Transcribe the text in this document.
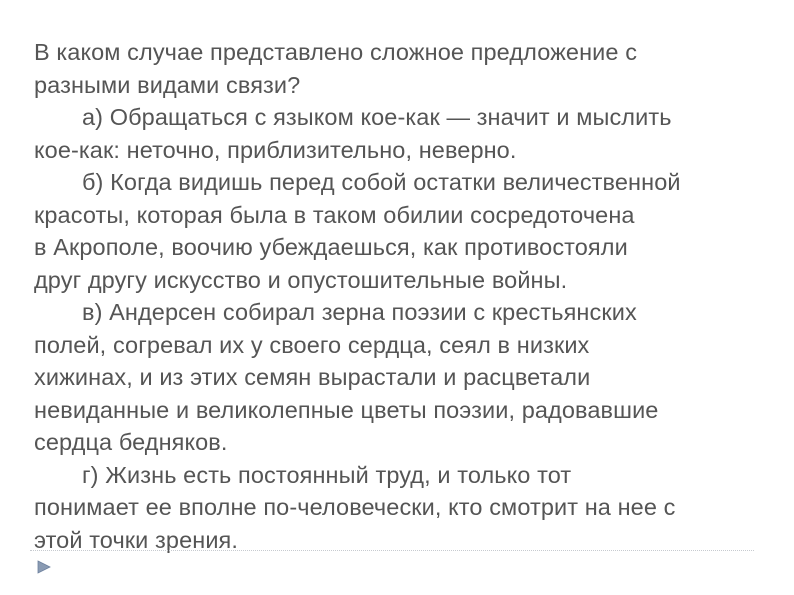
В каком случае представлено сложное предложение с
разными видами связи?
а) Обращаться с языком кое-как — значит и мыслить
кое-как: неточно, приблизительно, неверно.
б) Когда видишь перед собой остатки величественной
красоты, которая была в таком обилии сосредоточена
в Акрополе, воочию убеждаешься, как противостояли
друг другу искусство и опустошительные войны.
в) Андерсен собирал зерна поэзии с крестьянских
полей, согревал их у своего сердца, сеял в низких
хижинах, и из этих семян вырастали и расцветали
невиданные и великолепные цветы поэзии, радовавшие
сердца бедняков.
г) Жизнь есть постоянный труд, и только тот
понимает ее вполне по-человечески, кто смотрит на нее с
этой точки зрения.
